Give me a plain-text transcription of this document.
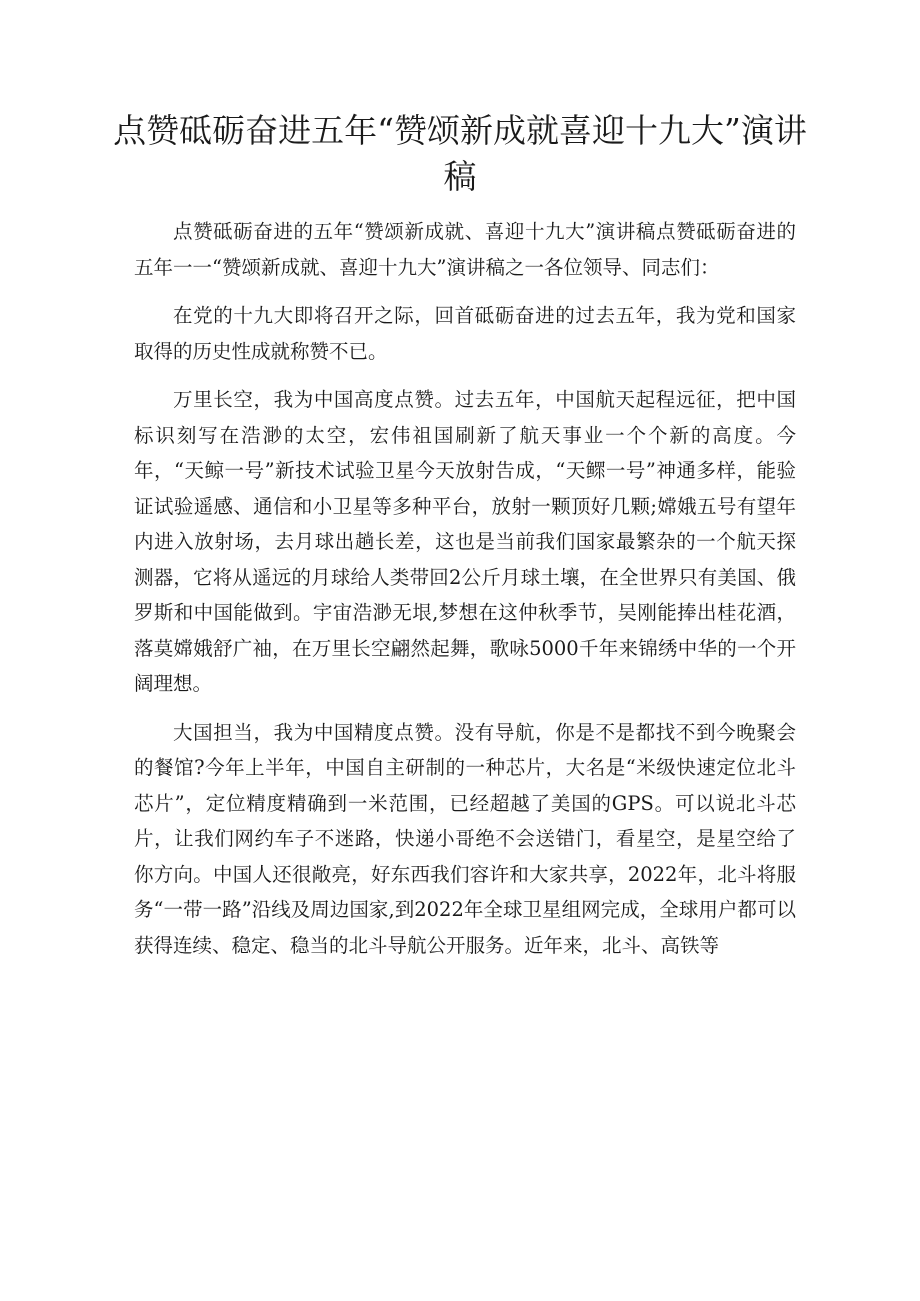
点赞砥砺奋进五年“赞颂新成就喜迎十九大”演讲稿

点赞砥砺奋进的五年“赞颂新成就、喜迎十九大”演讲稿点赞砥砺奋进的五年一一“赞颂新成就、喜迎十九大”演讲稿之一各位领导、同志们：

在党的十九大即将召开之际，回首砥砺奋进的过去五年，我为党和国家取得的历史性成就称赞不已。

万里长空，我为中国高度点赞。过去五年，中国航天起程远征，把中国标识刻写在浩渺的太空，宏伟祖国刷新了航天事业一个个新的高度。今年，“天鲸一号”新技术试验卫星今天放射告成，“天鳏一号”神通多样，能验证试验遥感、通信和小卫星等多种平台，放射一颗顶好几颗;嫦娥五号有望年内进入放射场，去月球出趟长差，这也是当前我们国家最繁杂的一个航天探测器，它将从遥远的月球给人类带回2公斤月球土壤，在全世界只有美国、俄罗斯和中国能做到。宇宙浩渺无垠,梦想在这仲秋季节，吴刚能捧出桂花酒，落莫嫦娥舒广袖，在万里长空翩然起舞，歌咏5000千年来锦绣中华的一个开阔理想。

大国担当，我为中国精度点赞。没有导航，你是不是都找不到今晚聚会的餐馆?今年上半年，中国自主研制的一种芯片，大名是“米级快速定位北斗芯片”，定位精度精确到一米范围，已经超越了美国的GPS。可以说北斗芯片，让我们网约车子不迷路，快递小哥绝不会送错门，看星空，是星空给了你方向。中国人还很敞亮，好东西我们容许和大家共享，2022年，北斗将服务“一带一路”沿线及周边国家,到2022年全球卫星组网完成，全球用户都可以获得连续、稳定、稳当的北斗导航公开服务。近年来，北斗、高铁等
